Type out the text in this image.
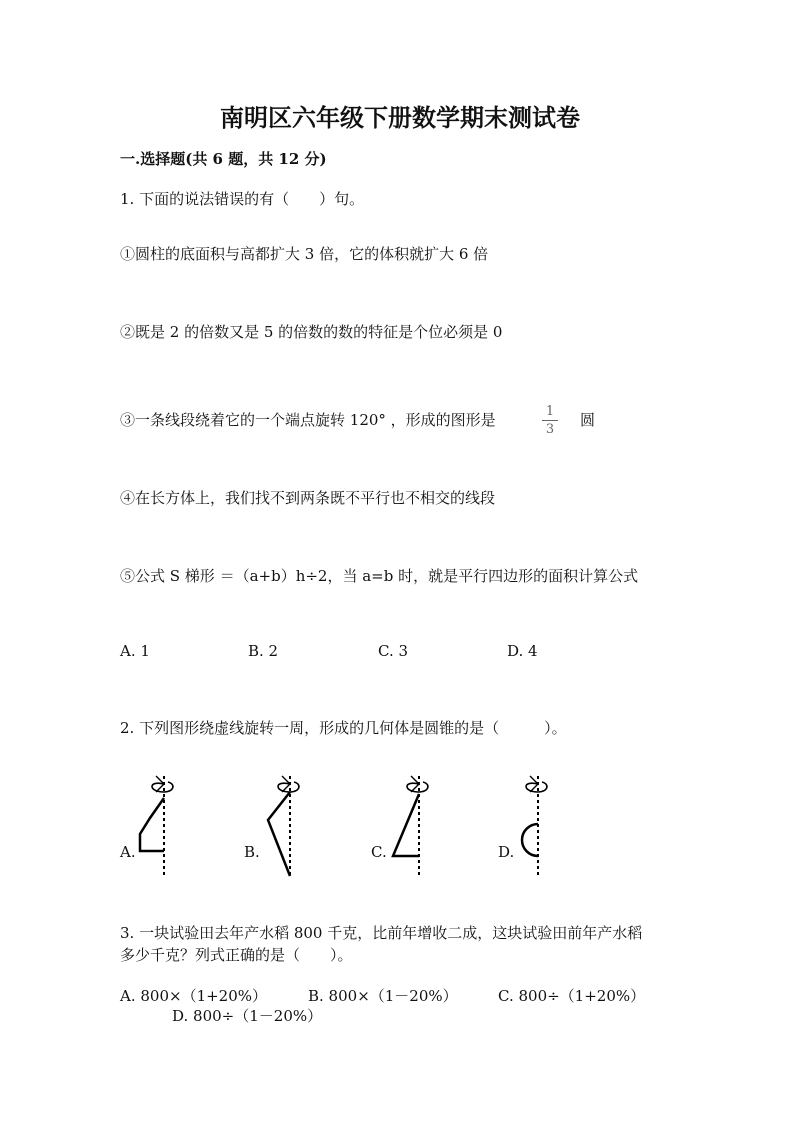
南明区六年级下册数学期末测试卷
一.选择题(共 6 题，共 12 分)
1. 下面的说法错误的有（　　）句。
①圆柱的底面积与高都扩大 3 倍，它的体积就扩大 6 倍
②既是 2 的倍数又是 5 的倍数的数的特征是个位必须是 0
③一条线段绕着它的一个端点旋转 120° ，形成的图形是	1
3
圆
④在长方体上，我们找不到两条既不平行也不相交的线段
⑤公式 S 梯形 ＝（a+b）h÷2，当 a=b 时，就是平行四边形的面积计算公式
A. 1	B. 2	C. 3	D. 4
2. 下列图形绕虚线旋转一周，形成的几何体是圆锥的是（　　　）。
A.	B.	C.	D.
3. 一块试验田去年产水稻 800 千克，比前年增收二成，这块试验田前年产水稻
多少千克？列式正确的是（　　）。
A. 800×（1+20%）	B. 800×（1－20%）	C. 800÷（1+20%）
D. 800÷（1－20%）
